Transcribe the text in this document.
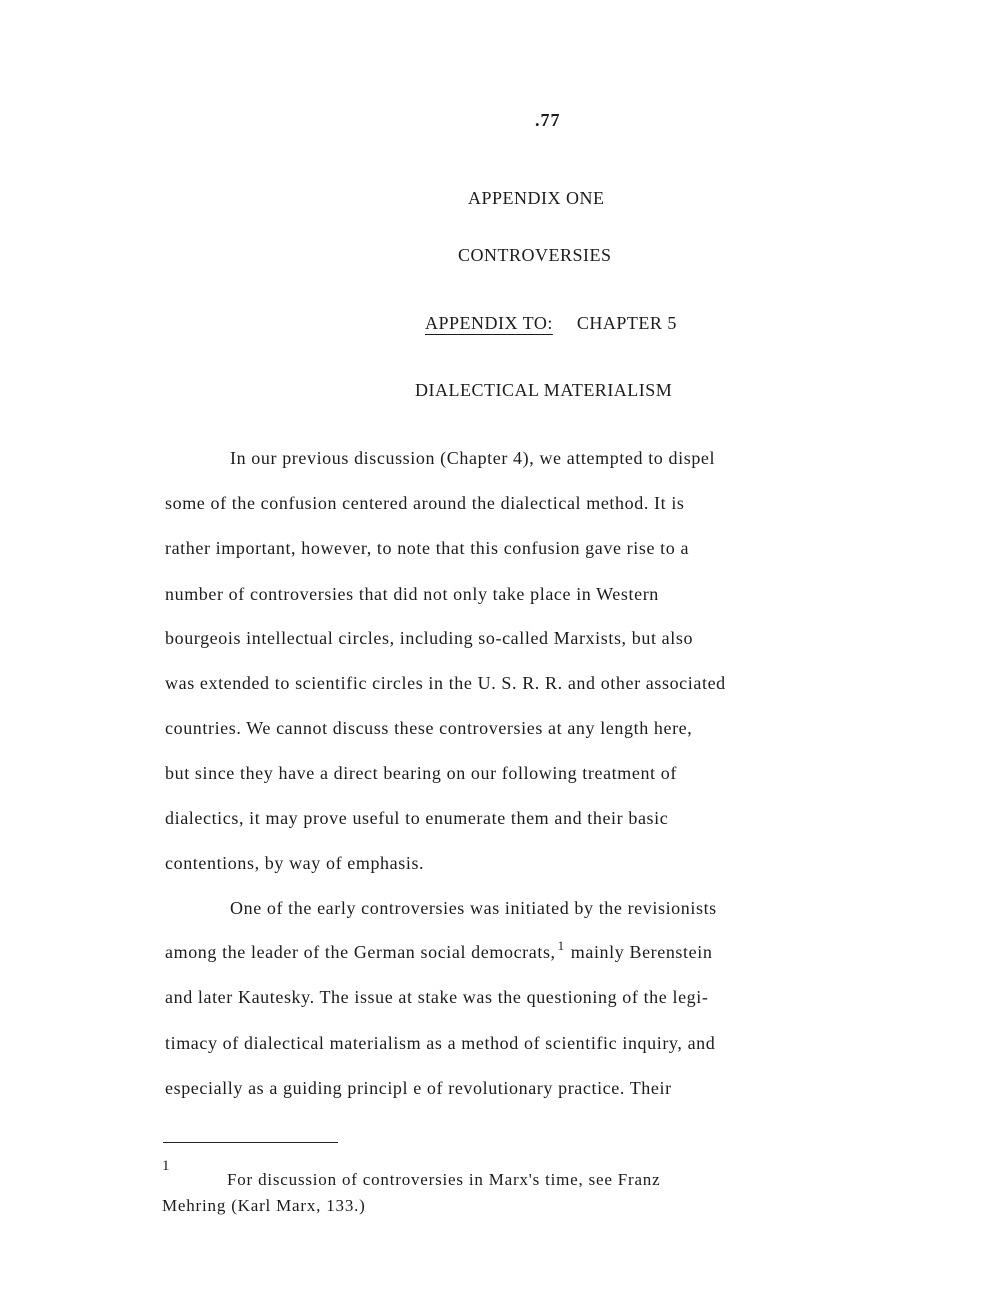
.77
APPENDIX ONE
CONTROVERSIES
APPENDIX TO: CHAPTER 5
DIALECTICAL MATERIALISM
In our previous discussion (Chapter 4), we attempted to dispel
some of the confusion centered around the dialectical method. It is
rather important, however, to note that this confusion gave rise to a
number of controversies that did not only take place in Western
bourgeois intellectual circles, including so-called Marxists, but also
was extended to scientific circles in the U. S. R. R. and other associated
countries. We cannot discuss these controversies at any length here,
but since they have a direct bearing on our following treatment of
dialectics, it may prove useful to enumerate them and their basic
contentions, by way of emphasis.
One of the early controversies was initiated by the revisionists
among the leader of the German social democrats, $^1$ mainly Berenstein
and later Kautesky. The issue at stake was the questioning of the legi-
timacy of dialectical materialism as a method of scientific inquiry, and
especially as a guiding principl e of revolutionary practice. Their
1
For discussion of controversies in Marx's time, see Franz
Mehring (Karl Marx, 133.)
